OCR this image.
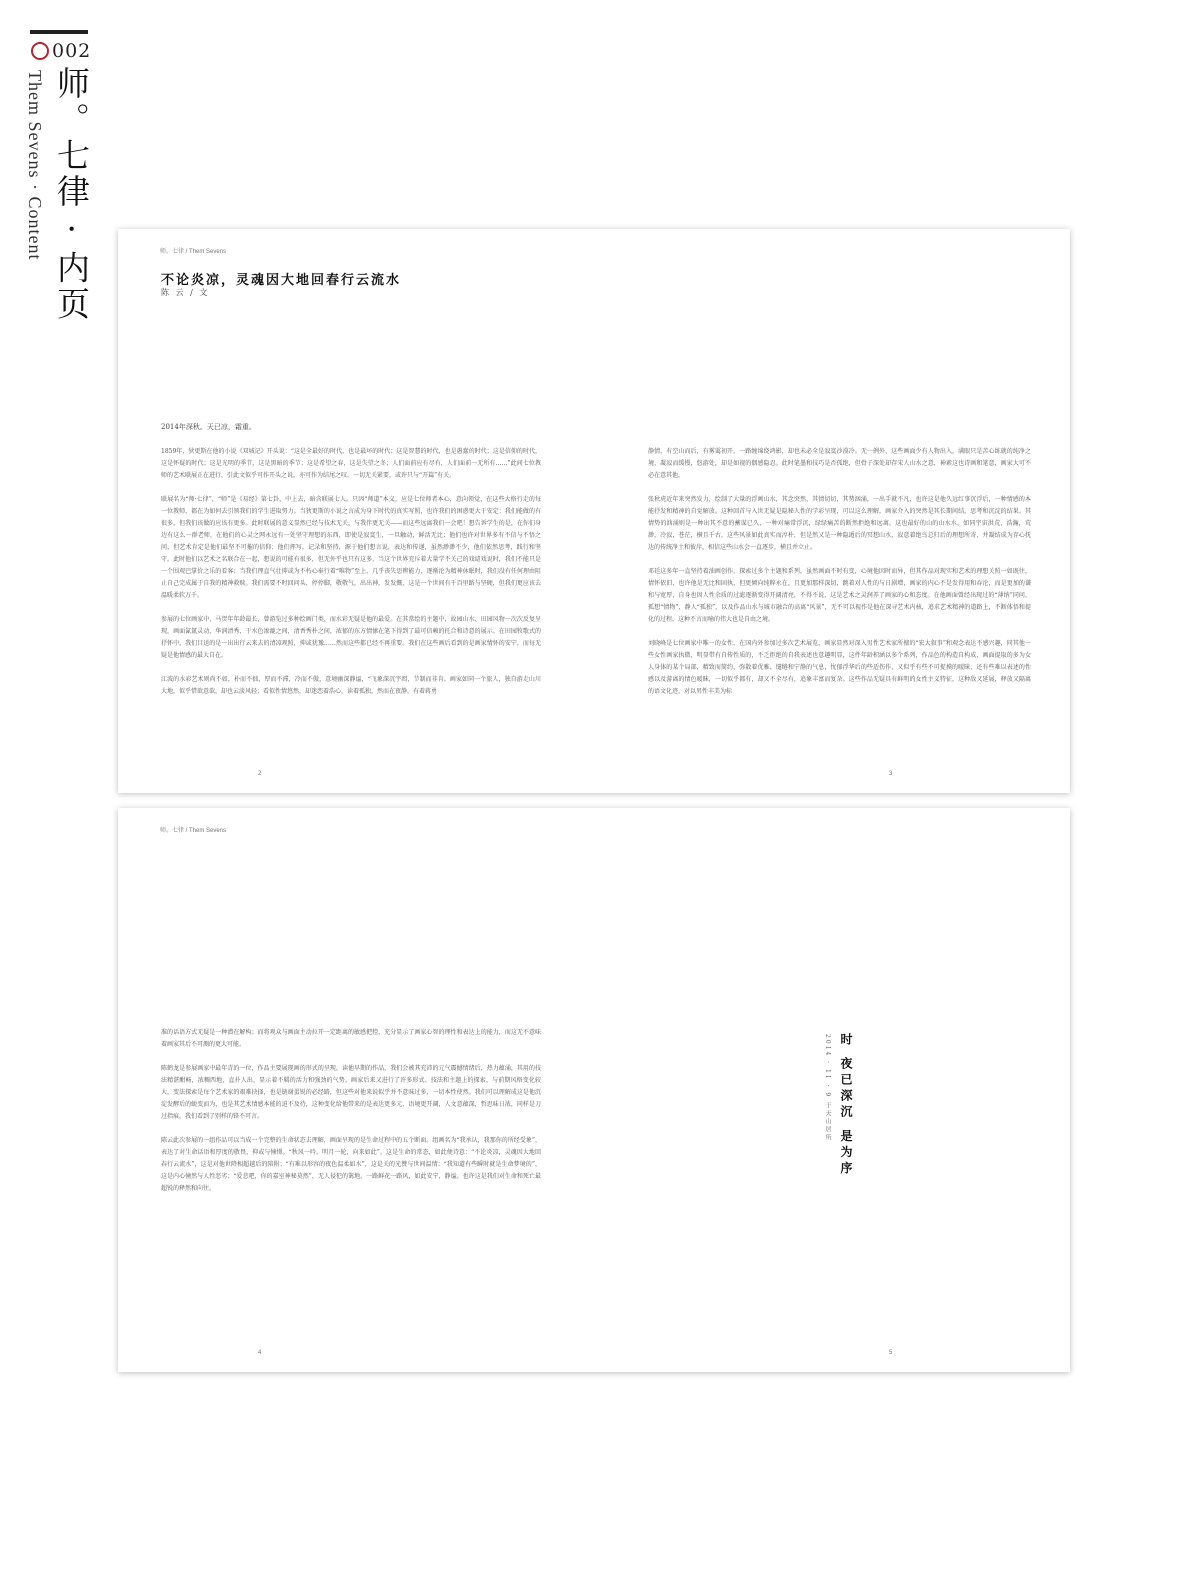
002
师。七律 · 内页
Them Sevens · Content	师。七律 / Them Sevens
不论炎凉，灵魂因大地回春行云流水
陈 云 / 文
2014年深秋。天已凉，霜重。

1859年，狄更斯在他的小说《双城记》开头说：“这是全最好的时代，也是最坏的时代；这是智慧的时代，也是愚蠢的时代；这是信仰的时代，这是怀疑的时代；这是光明的季节，这是黑暗的季节；这是希望之春，这是失望之冬；人们面前应有尽有，人们面前一无所有……”此间七位教师的艺术联展正在进行，引此文似乎可作开头之说，亦可作为结尾之叹。一切无关紧要，或许只与“开篇”有关。

联展名为“师·七律”，“师”是《易经》第七卦，中上去，暗含联展七人。只因“师道”本义，应是七位师者本心，意向领觉，在这些大格行走的每一位教师，都在为如何去引领我们的学生进取努力。当狄更斯的小说之言成为身下时代的真实写照，也许我们的困惑更大于安定：我们能做的有很多，但我们该做的应该有更多。此时联展的意义显然已经与技术无关，与我伴更无关——而这些远离我们一会吧！想告诉学生的是，在你们身边有这么一群老师，在他们的心灵之网永远有一处坚守理想的东西，即使是寂寞生，一旦触动，鲜活无比；他们也许对世界多有不信与不悟之问，但艺术肯定是他们最坚不可摧的信仰；他们挥写，记录和坚持，源于他们想言说，表达和传递，虽然渺渺不少，他们依然思考，践行和坚守。此时他们以艺术之名联合在一起，想说的可能有很多，但无外乎也只有这多，当这个世界充斥着大量学不关己的戏谑戏说时，我们不能只是一个围观巴掌价之乐的看客；当我们理直气壮抑或为不朽心奉行着“唯物”至上，几乎丧失思辨能力，逐渐沦为精神休眠时，我们没有任何理由阻止自己完成属于自我的精神救赎。我们需要不时回问头，停停脚，敬敬气，出出神，发发慨，这是一个世间有千百里路与坚硬，但我们更应该去温暖柔软万千。

参展的七位画家中，马贺年年龄最长，曾游览过多种绘画门类，而水彩无疑是他的最爱。在其常绘的主题中，故园山水、田园风物一次次反复呈现，画面氤氲灵动，华润清秀，于水色渗漉之间，清香秀朴之间，浓郁的东方情愫在笔下得到了最可信赖的托合和诗意的展示。在田园牧歌式的抒怀中，我们目送的是一出出行云来去的清凉观照，抑或犹豫……然而这些都已经不再重要。我们在这些画后看到的是画家情怀的安宁，而每无疑是他情感的最大自在。

江波的水彩艺术则尚不如，朴而不拙，厚而不滞，冷而不傲，意境幽深静谧，“飞象深沉宇闳，节制而非肯。画家如同一个旅人，独自游走山川大地，似乎惜欲意欲，却也云淡风轻；看似性情悠然，却迷恋着浩心，读着孤独，然而在夜静，有着蒋勇

静情，有空山而后，有雾霭初开，一路缠绵绕鸿影，却也未必全是寂寞沙漠冷。无一例外，这些画面少有人物出入，满眼只是苦心练就的纯净之境，凝寂而缓慢，悠游处，却是如视的偶感隐忍。此时笔墨和技巧是否孤绝，但骨子深处却存宋人山水之意，神素这也诗画和笔意，画家大可不必在意其他。

张秋虎近年来突然发力，绘制了大量的浮画山水，其念突然，其情切切，其势汹涌，一出手就不凡，也许这是他久远红事沉浮后，一种情感的本能抒发和精神的自觉解放。这种回首与入世无疑是隐秘人性的学彩呈现，可以这么理解，画家介入的突然是其长期间结，思考和沉淀的结果。其情势的汹涌则是一种出其不意的蓄谋已久，一种对痛常浮沉，绿绿痛苦的断然拒绝和远离，这也最好的山的山水水，如同宇宙洪荒，浩瀚，荒渺，冷寂，苍茫，横且千古，这些风景如此真实而淳朴，但是然又是一种隐遁后的冥想山水，寂意着绝鸟总归后的理想所寄，并凝结成为存心抚达的传统净土和彼岸，相信这些山水会一直逐步，横且并立止。

邓廷这多年一直坚持着油画创作，探索过多个主题和系列，虽然画面不时有变，心境他因时而异，但其作品对现实和艺术的理想关照一如既往，情怀依旧，也许他是无比和固执，但更倾向纯粹永在，且更加那样深切，跳着对人性的与日剧增，画家的内心不是发得用和吞沦，而是更加的谦和与宽厚，自身也因人性余质的过滤逐渐变得开阔清亮，不得不说，这是艺术之灵润养了画家的心和态度。在他画面曾经出现过的“薄纳”同问，孤想“情物”，静人“孤独”，以及作品山水与城市融合的高离“风景”，无不可以视作是他在深寻艺术内核，追求艺术精神的道路上，不断体悟和提化的过程，这种不言而喻的伟大也是自由之境。

刘晓峰是七位画家中唯一的女性，在国内外参加过多次艺术展览，画家显然对深入男性艺术家所擅的“宏大叙事”和观念表达不感兴趣，同其他一些女性画家执微，明显带有自传性质的，不乏拒绝的自我表述也意趣明显，这件年龄积涵以多个系列，作品色的构造自构成，画面提取的多为女人身体的某个局部，精致而简约，弥散着优雅、缱绻和宁静的气息，忧郁浮华后的些适伤作，又似乎有些不可捉摸的暧昧，还有些难以表述的性感以及游离的情色暧昧，一切似乎都有，却又不全尽有，追象丰富而复杂。这些作品无疑具有鲜明的女性主义特征，这种敌又延展，释放又隔离的语文化迹，对以男性丰美为标

2	3
师。七律 / Them Sevens

准的话语方式无疑是一种潜在解构；而将观众与画面主动拉开一定距离的敏感把控，充分显示了画家心智的理性和表达上的能力，而这无不意味着画家其后不可测的更大可能。

陈鹤龙是参展画家中最年青的一位，作品主要展现画的形式的呈现。读他早期的作品，我们会被其充沛的元气震撼情绪后，热力蕴涌，其用的技法精湛酣畅，浓稠西地，直扑人出，显示着不羁的活力和强劲的气势。画家后来又进行了许多形式、技法和主题上的探索，与前期风格变化较大，变法探索是每个艺术家的艰难抉择，也是链谢蛋锐的必经路，但这些对他来说似乎并不意味过多，一切本性使然。我们可以理解成这是他沉淀发酵后的蜕变而为，也是其艺术情感本能的迫不及待，这种变化给他带来的是表达更多元，语境更开阔，人文意蕴深，哲思味日浓，同样是刀过指痕，我们看到了别样的锋不可言。

陈云此次参展的一组作品可以当成一个完整的生命状态去理解，画面呈现的是生命过程中的五个断面。组画名为“我承认，我那你的所经受象”，表达了对生命话语和厚度的敬畏，抑或与憧憬。“秋风一吟，明月一轮，向来如此”，这是生命的常态，如此便诗意：“不论炎凉，灵魂因大地回春行云流水”，这是对他世降相超越后的陪附；“有难以形容的夜色温柔如水”，这是关的光赞与世间温情；“我知道有些瞬时就是生命梦境的”，这是内心憧然与人性恶劣；“爱悲吧，你的嘉室神秘莫然”，无人侵犯的篱地，一路鲜花一路风，如此安宁，静谧。也许这是我们对生命和死亡最超锐的释然和向往。

时 夜已深沉 是为序
2014 · 11 · 9 于天山居所
4	5
